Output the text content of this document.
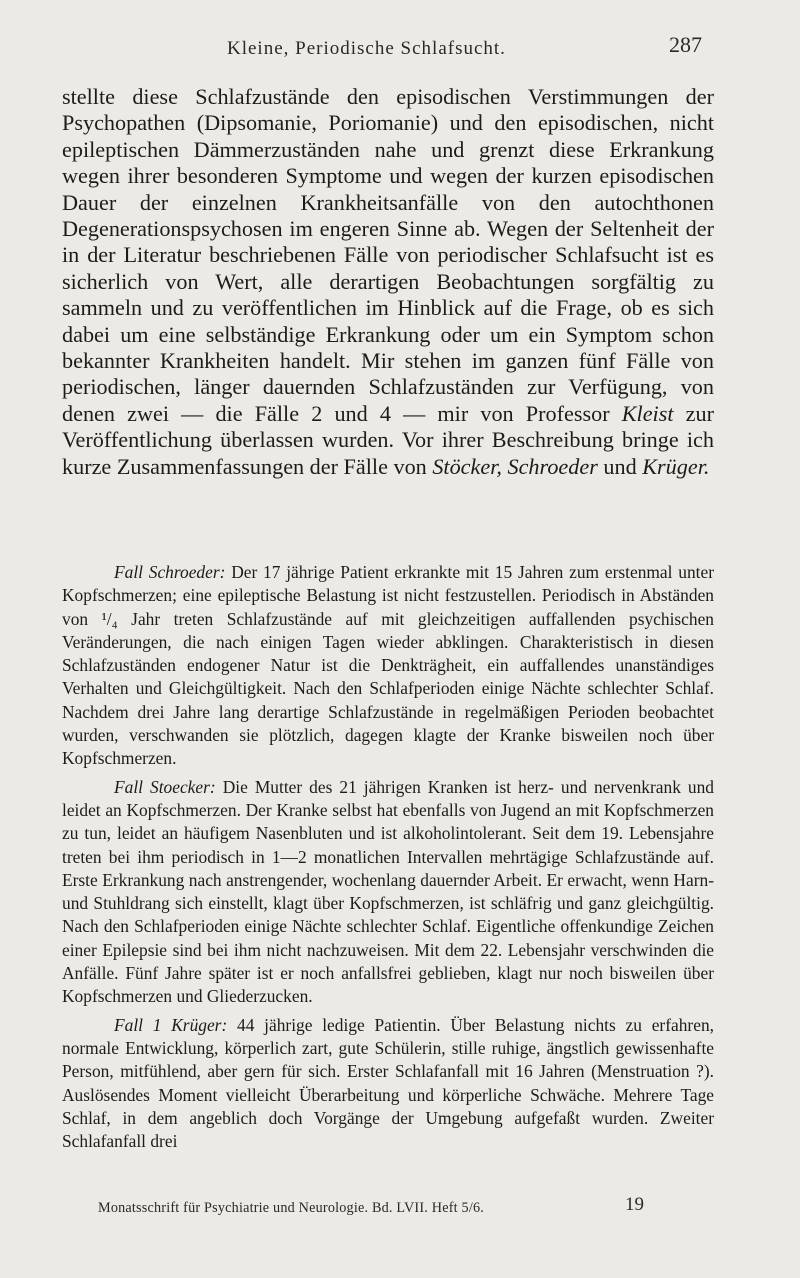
Kleine, Periodische Schlafsucht.	287

stellte diese Schlafzustände den episodischen Verstimmungen der Psychopathen (Dipsomanie, Poriomanie) und den episodischen, nicht epileptischen Dämmerzuständen nahe und grenzt diese Erkrankung wegen ihrer besonderen Symptome und wegen der kurzen episodischen Dauer der einzelnen Krankheitsanfälle von den autochthonen Degenerationspsychosen im engeren Sinne ab. Wegen der Seltenheit der in der Literatur beschriebenen Fälle von periodischer Schlafsucht ist es sicherlich von Wert, alle derartigen Beobachtungen sorgfältig zu sammeln und zu veröffentlichen im Hinblick auf die Frage, ob es sich dabei um eine selbständige Erkrankung oder um ein Symptom schon bekannter Krankheiten handelt. Mir stehen im ganzen fünf Fälle von periodischen, länger dauernden Schlafzuständen zur Verfügung, von denen zwei — die Fälle 2 und 4 — mir von Professor Kleist zur Veröffentlichung überlassen wurden. Vor ihrer Beschreibung bringe ich kurze Zusammenfassungen der Fälle von Stöcker, Schroeder und Krüger.

Fall Schroeder: Der 17 jährige Patient erkrankte mit 15 Jahren zum erstenmal unter Kopfschmerzen; eine epileptische Belastung ist nicht festzustellen. Periodisch in Abständen von ¹/₄ Jahr treten Schlafzustände auf mit gleichzeitigen auffallenden psychischen Veränderungen, die nach einigen Tagen wieder abklingen. Charakteristisch in diesen Schlafzuständen endogener Natur ist die Denkträgheit, ein auffallendes unanständiges Verhalten und Gleichgültigkeit. Nach den Schlafperioden einige Nächte schlechter Schlaf. Nachdem drei Jahre lang derartige Schlafzustände in regelmäßigen Perioden beobachtet wurden, verschwanden sie plötzlich, dagegen klagte der Kranke bisweilen noch über Kopfschmerzen.

Fall Stoecker: Die Mutter des 21 jährigen Kranken ist herz- und nervenkrank und leidet an Kopfschmerzen. Der Kranke selbst hat ebenfalls von Jugend an mit Kopfschmerzen zu tun, leidet an häufigem Nasenbluten und ist alkoholintolerant. Seit dem 19. Lebensjahre treten bei ihm periodisch in 1—2 monatlichen Intervallen mehrtägige Schlafzustände auf. Erste Erkrankung nach anstrengender, wochenlang dauernder Arbeit. Er erwacht, wenn Harn- und Stuhldrang sich einstellt, klagt über Kopfschmerzen, ist schläfrig und ganz gleichgültig. Nach den Schlafperioden einige Nächte schlechter Schlaf. Eigentliche offenkundige Zeichen einer Epilepsie sind bei ihm nicht nachzuweisen. Mit dem 22. Lebensjahr verschwinden die Anfälle. Fünf Jahre später ist er noch anfallsfrei geblieben, klagt nur noch bisweilen über Kopfschmerzen und Gliederzucken.

Fall 1 Krüger: 44 jährige ledige Patientin. Über Belastung nichts zu erfahren, normale Entwicklung, körperlich zart, gute Schülerin, stille ruhige, ängstlich gewissenhafte Person, mitfühlend, aber gern für sich. Erster Schlafanfall mit 16 Jahren (Menstruation ?). Auslösendes Moment vielleicht Überarbeitung und körperliche Schwäche. Mehrere Tage Schlaf, in dem angeblich doch Vorgänge der Umgebung aufgefaßt wurden. Zweiter Schlafanfall drei

Monatsschrift für Psychiatrie und Neurologie. Bd. LVII. Heft 5/6.	19
